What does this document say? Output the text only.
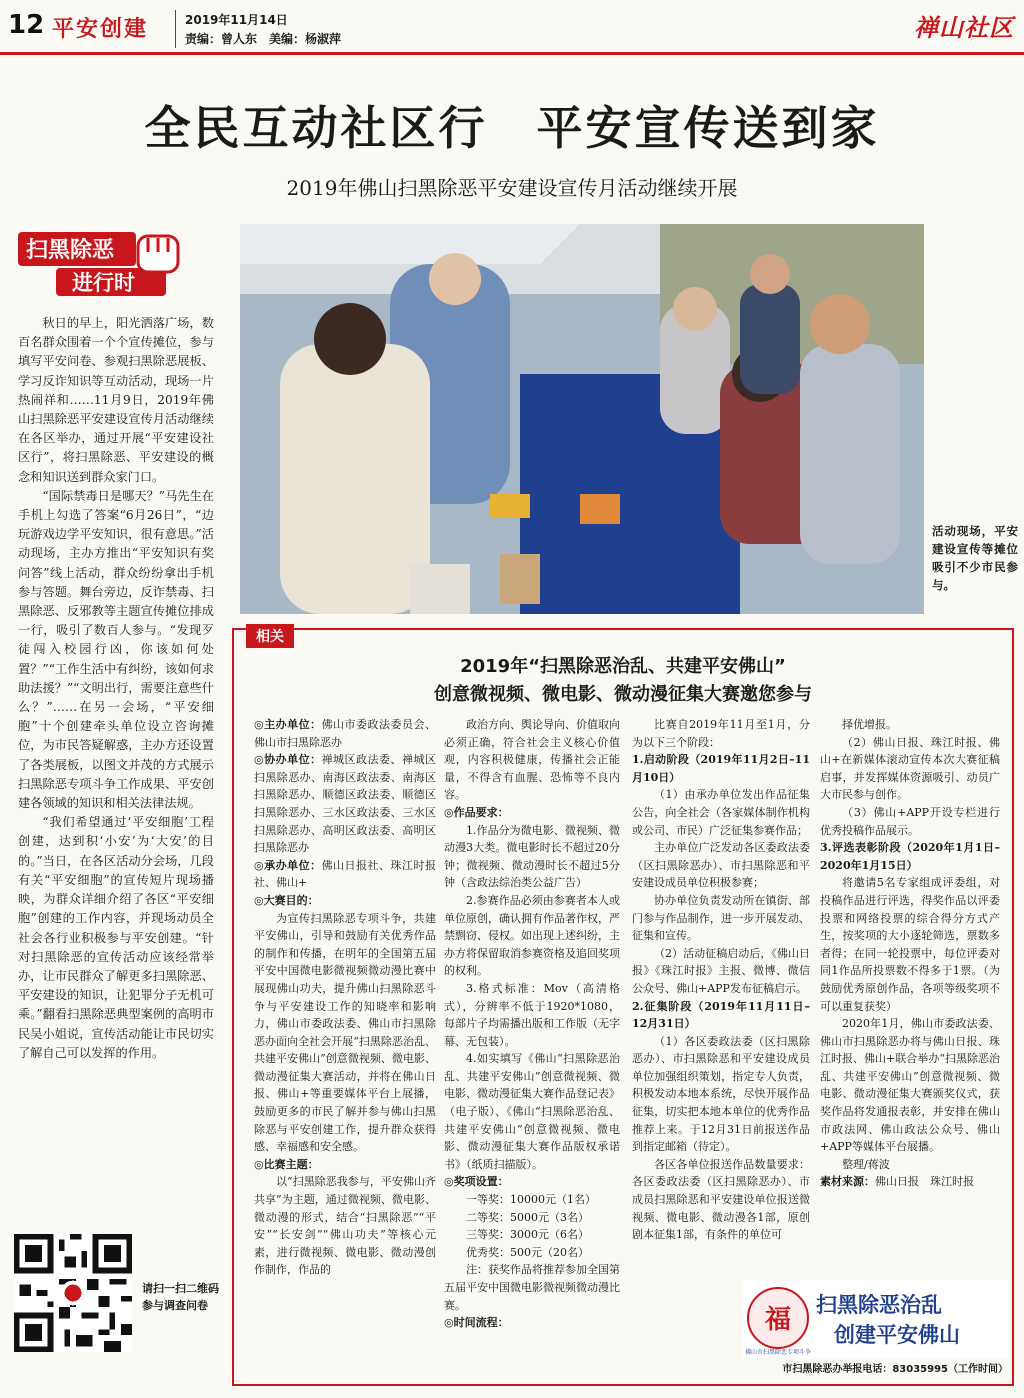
12 平安创建	2019年11月14日
责编：曾人东　美编：杨淑萍	禅山社区
全民互动社区行　平安宣传送到家
2019年佛山扫黑除恶平安建设宣传月活动继续开展
扫黑除恶
进行时

秋日的早上，阳光洒落广场，数百名群众围着一个个宣传摊位，参与填写平安问卷、参观扫黑除恶展板、学习反诈知识等互动活动，现场一片热闹祥和……11月9日，2019年佛山扫黑除恶平安建设宣传月活动继续在各区举办，通过开展“平安建设社区行”，将扫黑除恶、平安建设的概念和知识送到群众家门口。

“国际禁毒日是哪天？”马先生在手机上勾选了答案“6月26日”，“边玩游戏边学平安知识，很有意思。”活动现场，主办方推出“平安知识有奖问答”线上活动，群众纷纷拿出手机参与答题。舞台旁边，反诈禁毒、扫黑除恶、反邪教等主题宣传摊位排成一行，吸引了数百人参与。“发现歹徒闯入校园行凶，你该如何处置？”“工作生活中有纠纷，该如何求助法援？”“文明出行，需要注意些什么？”……在另一会场，“平安细胞”十个创建牵头单位设立咨询摊位，为市民答疑解惑，主办方还设置了各类展板，以图文并茂的方式展示扫黑除恶专项斗争工作成果、平安创建各领域的知识和相关法律法规。

“我们希望通过‘平安细胞’工程创建，达到积‘小安’为‘大安’的目的。”当日，在各区活动分会场，几段有关“平安细胞”的宣传短片现场播映，为群众详细介绍了各区“平安细胞”创建的工作内容，并现场动员全社会各行业积极参与平安创建。“针对扫黑除恶的宣传活动应该经常举办，让市民群众了解更多扫黑除恶、平安建设的知识，让犯罪分子无机可乘。”翻看扫黑除恶典型案例的高明市民吴小姐说，宣传活动能让市民切实了解自己可以发挥的作用。

请扫一扫二维码参与调查问卷
活动现场，平安建设宣传等摊位吸引不少市民参与。
相关
2019年“扫黑除恶治乱、共建平安佛山”
创意微视频、微电影、微动漫征集大赛邀您参与

◎主办单位：佛山市委政法委员会、佛山市扫黑除恶办

◎协办单位：禅城区政法委、禅城区扫黑除恶办、南海区政法委、南海区扫黑除恶办、顺德区政法委、顺德区扫黑除恶办、三水区政法委、三水区扫黑除恶办、高明区政法委、高明区扫黑除恶办

◎承办单位：佛山日报社、珠江时报社、佛山+

◎大赛目的：

为宣传扫黑除恶专项斗争，共建平安佛山，引导和鼓励有关优秀作品的制作和传播，在明年的全国第五届平安中国微电影微视频微动漫比赛中展现佛山功夫，提升佛山扫黑除恶斗争与平安建设工作的知晓率和影响力，佛山市委政法委、佛山市扫黑除恶办面向全社会开展“扫黑除恶治乱、共建平安佛山”创意微视频、微电影、微动漫征集大赛活动，并将在佛山日报、佛山+等重要媒体平台上展播，鼓励更多的市民了解并参与佛山扫黑除恶与平安创建工作，提升群众获得感、幸福感和安全感。

◎比赛主题：

以“扫黑除恶我参与，平安佛山齐共享”为主题，通过微视频、微电影、微动漫的形式，结合“扫黑除恶”“平安”“长安剑”“佛山功夫”等核心元素，进行微视频、微电影、微动漫创作制作，作品的

政治方向、舆论导向、价值取向必须正确，符合社会主义核心价值观，内容积极健康，传播社会正能量，不得含有血腥、恐怖等不良内容。

◎作品要求：

1.作品分为微电影、微视频、微动漫3大类。微电影时长不超过20分钟；微视频、微动漫时长不超过5分钟（含政法综治类公益广告）

2.参赛作品必须由参赛者本人或单位原创，确认拥有作品著作权，严禁剽窃、侵权。如出现上述纠纷，主办方将保留取消参赛资格及追回奖项的权利。

3.格式标准：Mov（高清格式），分辨率不低于1920*1080，每部片子均需播出版和工作版（无字幕、无包装）。

4.如实填写《佛山“扫黑除恶治乱、共建平安佛山”创意微视频、微电影、微动漫征集大赛作品登记表》（电子版）、《佛山“扫黑除恶治乱、共建平安佛山”创意微视频、微电影、微动漫征集大赛作品版权承诺书》（纸质扫描版）。

◎奖项设置：

一等奖：10000元（1名）

二等奖：5000元（3名）

三等奖：3000元（6名）

优秀奖：500元（20名）

注：获奖作品将推荐参加全国第五届平安中国微电影微视频微动漫比赛。

◎时间流程：

比赛自2019年11月至1月，分为以下三个阶段：

1.启动阶段（2019年11月2日–11月10日）

（1）由承办单位发出作品征集公告，向全社会（各家媒体制作机构或公司、市民）广泛征集参赛作品；

主办单位广泛发动各区委政法委（区扫黑除恶办）、市扫黑除恶和平安建设成员单位积极参赛；

协办单位负责发动所在镇街、部门参与作品制作，进一步开展发动、征集和宣传。

（2）活动征稿启动后，《佛山日报》《珠江时报》主报、微博、微信公众号、佛山+APP发布征稿启示。

2.征集阶段（2019年11月11日–12月31日）

（1）各区委政法委（区扫黑除恶办）、市扫黑除恶和平安建设成员单位加强组织策划，指定专人负责，积极发动本地本系统，尽快开展作品征集，切实把本地本单位的优秀作品推荐上来。于12月31日前报送作品到指定邮箱（待定）。

各区各单位报送作品数量要求：各区委政法委（区扫黑除恶办）、市成员扫黑除恶和平安建设单位报送微视频、微电影、微动漫各1部，原创剧本征集1部，有条件的单位可

择优增报。

（2）佛山日报、珠江时报、佛山+在新媒体滚动宣传本次大赛征稿启事，并发挥媒体资源吸引、动员广大市民参与创作。

（3）佛山+APP开设专栏进行优秀投稿作品展示。

3.评选表彰阶段（2020年1月1日–2020年1月15日）

将邀请5名专家组成评委组，对投稿作品进行评选，得奖作品以评委投票和网络投票的综合得分方式产生，按奖项的大小逐轮筛选，票数多者得；在同一轮投票中，每位评委对同1作品所投票数不得多于1票。（为鼓励优秀原创作品，各项等级奖项不可以重复获奖）

2020年1月，佛山市委政法委、佛山市扫黑除恶办将与佛山日报、珠江时报、佛山+联合举办“扫黑除恶治乱、共建平安佛山”创意微视频、微电影、微动漫征集大赛颁奖仪式，获奖作品将发通报表彰，并安排在佛山市政法网、佛山政法公众号、佛山+APP等媒体平台展播。

整理/蒋波

素材来源：佛山日报　珠江时报

福
佛山市扫黑除恶专项斗争
扫黑除恶治乱
创建平安佛山
市扫黑除恶办举报电话：83035995（工作时间）
